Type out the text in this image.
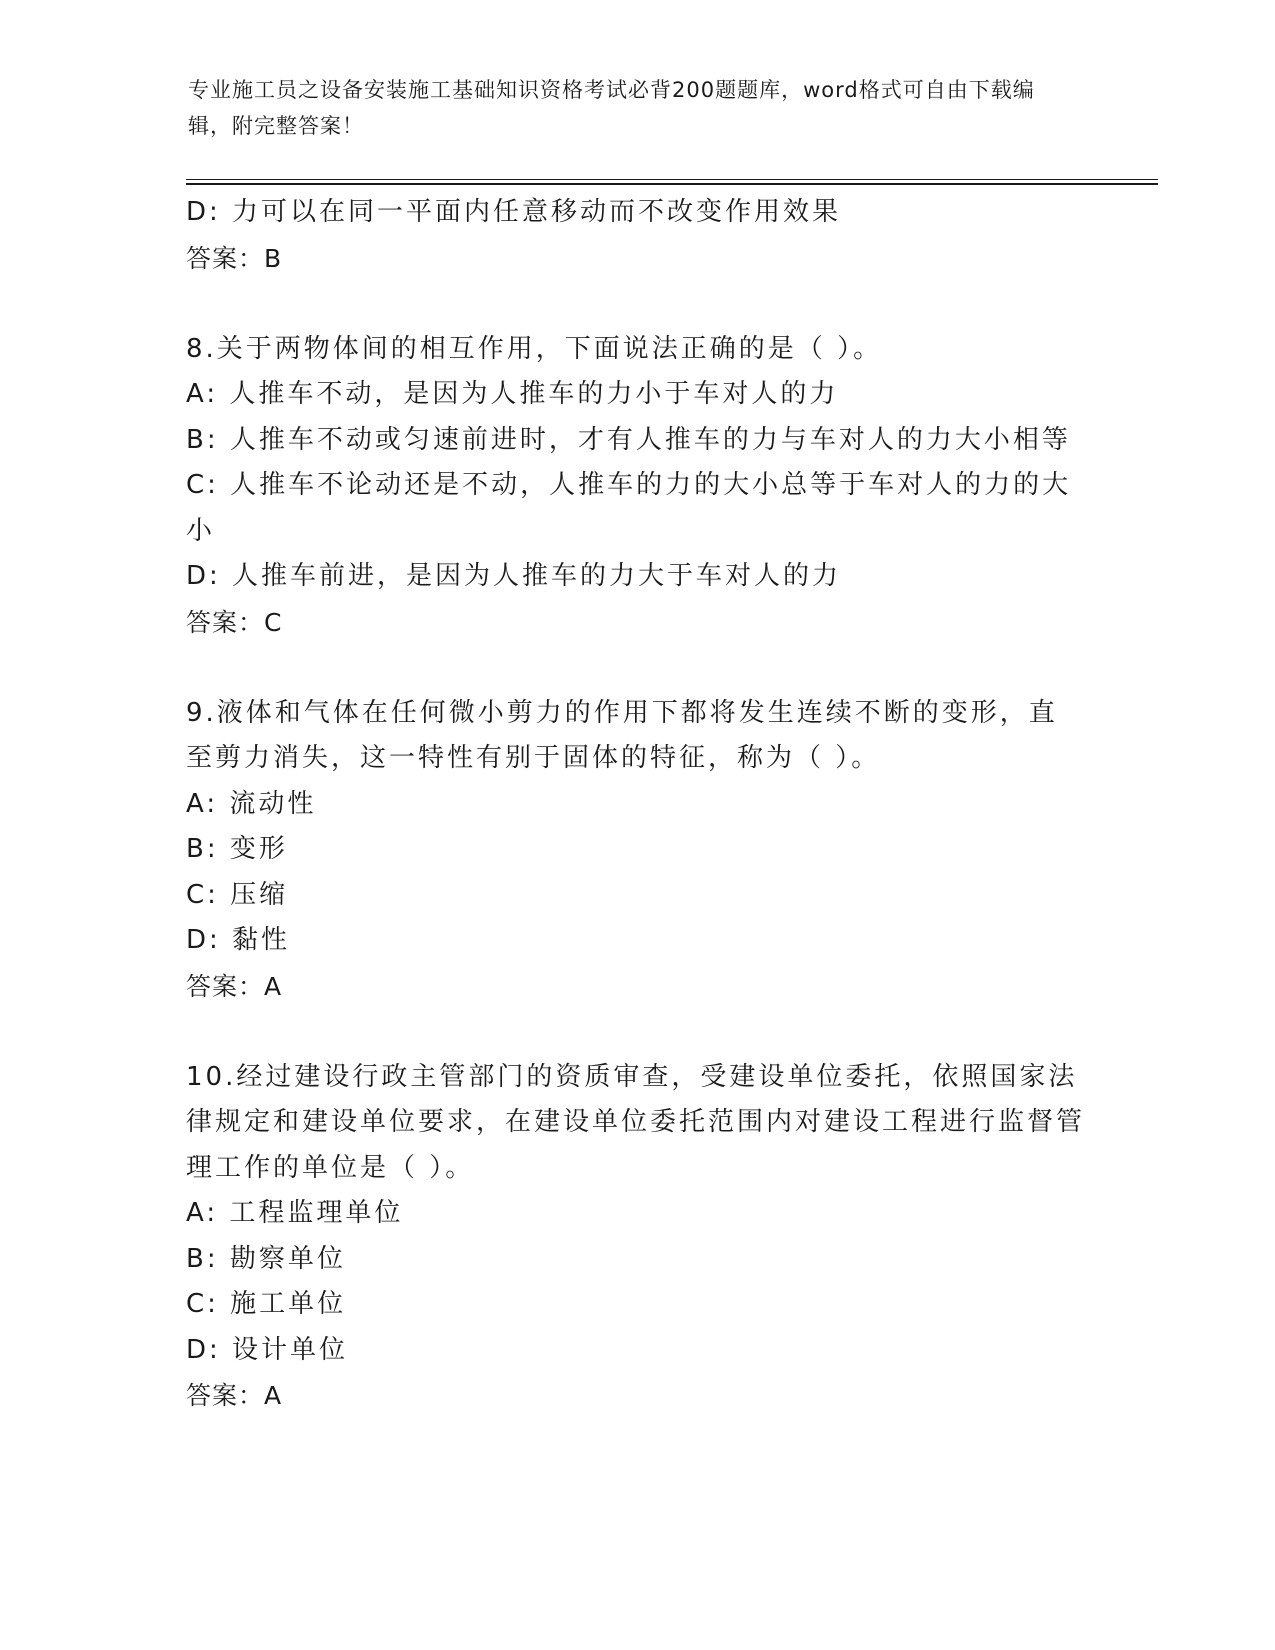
专业施工员之设备安装施工基础知识资格考试必背200题题库，word格式可自由下载编辑，附完整答案！
D: 力可以在同一平面内任意移动而不改变作用效果
答案：B
8.关于两物体间的相互作用，下面说法正确的是（ ）。
A: 人推车不动，是因为人推车的力小于车对人的力
B: 人推车不动或匀速前进时，才有人推车的力与车对人的力大小相等
C: 人推车不论动还是不动，人推车的力的大小总等于车对人的力的大小
D: 人推车前进，是因为人推车的力大于车对人的力
答案：C
9.液体和气体在任何微小剪力的作用下都将发生连续不断的变形，直至剪力消失，这一特性有别于固体的特征，称为（ ）。
A: 流动性
B: 变形
C: 压缩
D: 黏性
答案：A
10.经过建设行政主管部门的资质审查，受建设单位委托，依照国家法律规定和建设单位要求，在建设单位委托范围内对建设工程进行监督管理工作的单位是（ ）。
A: 工程监理单位
B: 勘察单位
C: 施工单位
D: 设计单位
答案：A
